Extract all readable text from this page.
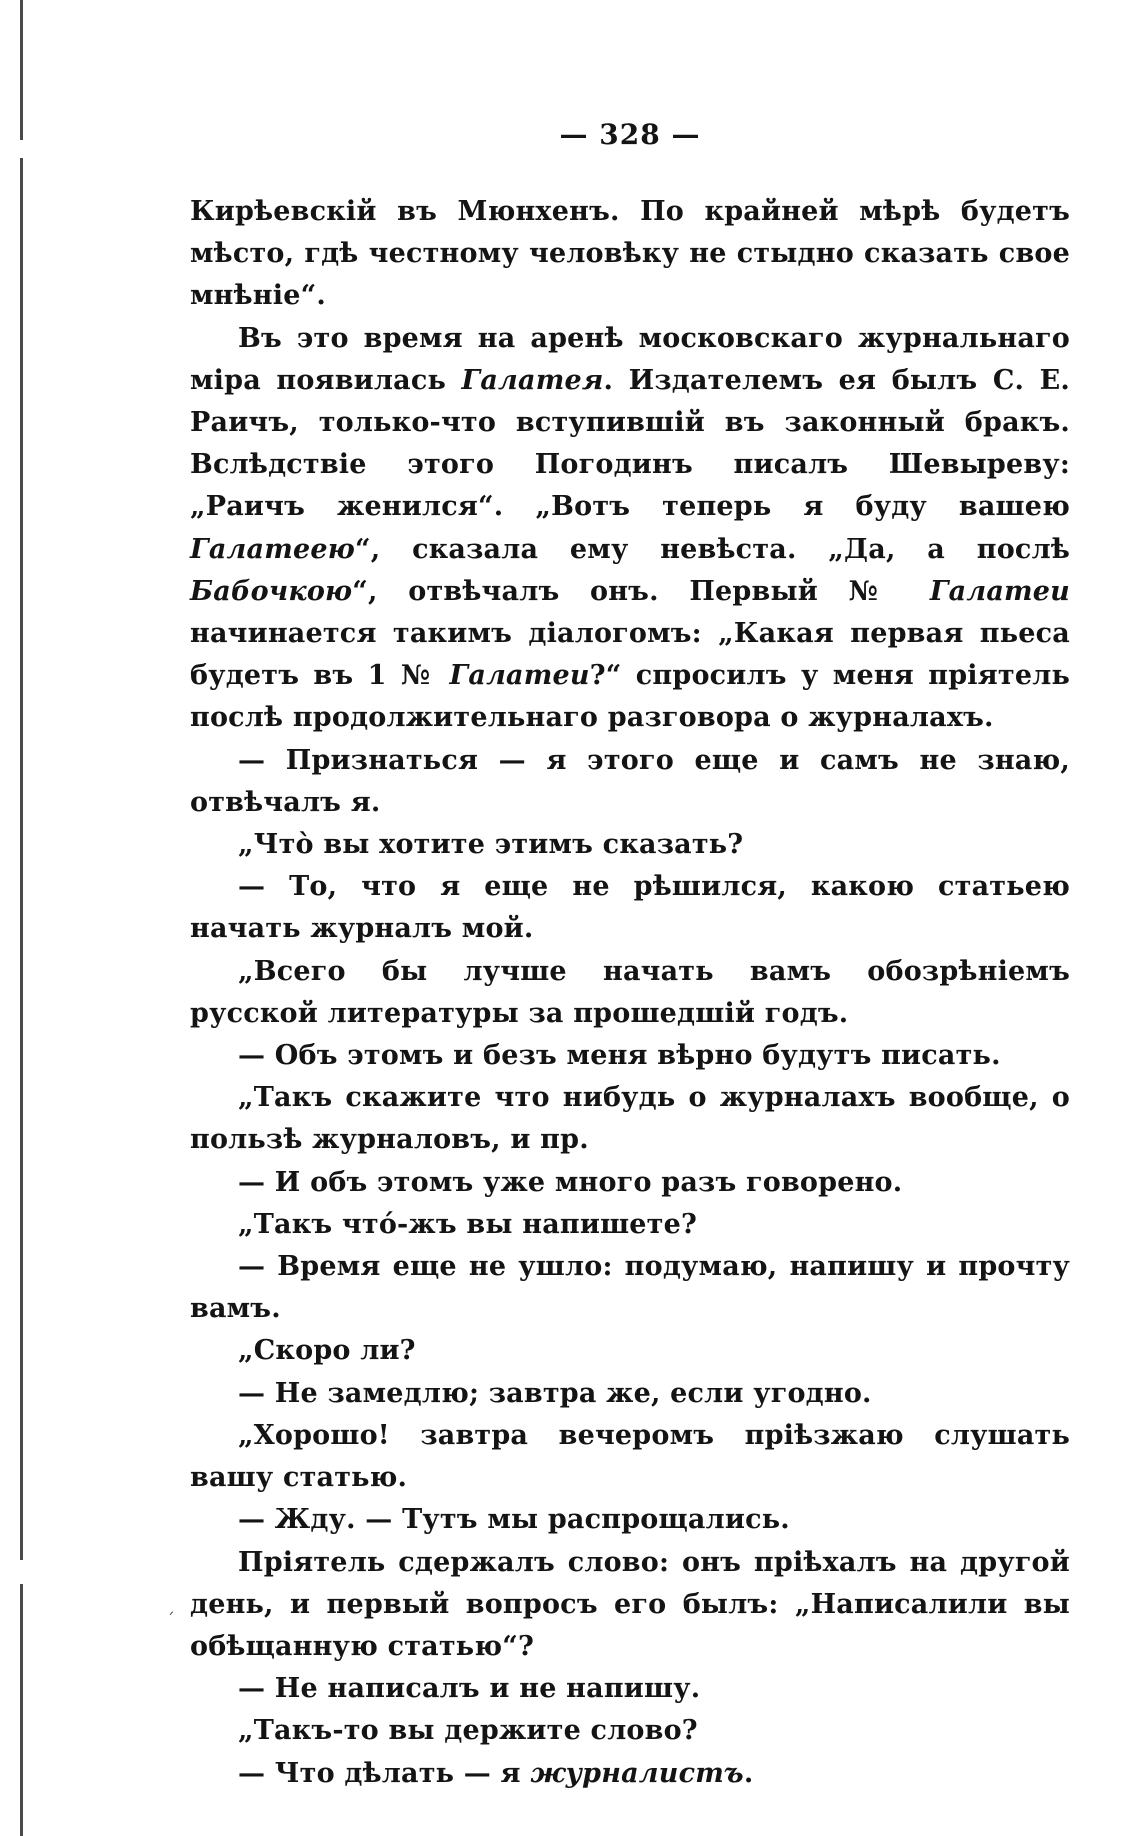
— 328 —

Кирѣевскій въ Мюнхенъ. По крайней мѣрѣ будетъ мѣсто, гдѣ честному человѣку не стыдно сказать свое мнѣніе“.

Въ это время на аренѣ московскаго журнальнаго міра появилась Галатея. Издателемъ ея былъ С. Е. Раичъ, только-что вступившій въ законный бракъ. Вслѣдствіе этого Погодинъ писалъ Шевыреву: „Раичъ женился“. „Вотъ теперь я буду вашею Галатеею“, сказала ему невѣста. „Да, а послѣ Бабочкою“, отвѣчалъ онъ. Первый № Галатеи начинается такимъ діалогомъ: „Какая первая пьеса будетъ въ 1 № Галатеи?“ спросилъ у меня пріятель послѣ продолжительнаго разговора о журналахъ.

— Признаться — я этого еще и самъ не знаю, отвѣчалъ я.

„Чтò вы хотите этимъ сказать?

— То, что я еще не рѣшился, какою статьею начать журналъ мой.

„Всего бы лучше начать вамъ обозрѣніемъ русской литературы за прошедшій годъ.

— Объ этомъ и безъ меня вѣрно будутъ писать.

„Такъ скажите что нибудь о журналахъ вообще, о пользѣ журналовъ, и пр.

— И объ этомъ уже много разъ говорено.

„Такъ чтó-жъ вы напишете?

— Время еще не ушло: подумаю, напишу и прочту вамъ.

„Скоро ли?

— Не замедлю; завтра же, если угодно.

„Хорошо! завтра вечеромъ пріѣзжаю слушать вашу статью.

— Жду. — Тутъ мы распрощались.

Пріятель сдержалъ слово: онъ пріѣхалъ на другой день, и первый вопросъ его былъ: „Написалили вы обѣщанную статью“?

— Не написалъ и не напишу.

„Такъ-то вы держите слово?

— Что дѣлать — я журналистъ.

ˊ
